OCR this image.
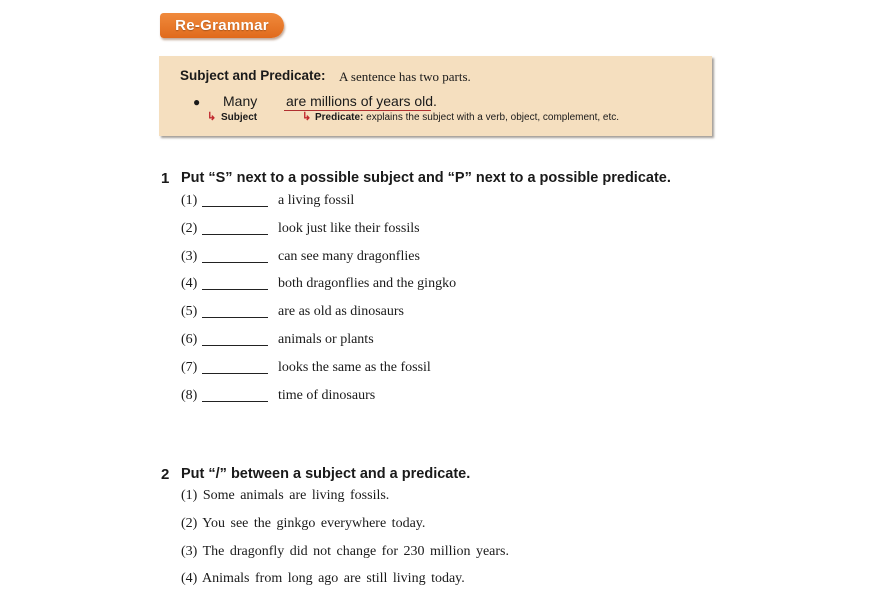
Re-Grammar
Subject and Predicate: A sentence has two parts.
● Many are millions of years old .
↳ Subject	↳ Predicate: explains the subject with a verb, object, complement, etc.
1 Put “S” next to a possible subject and “P” next to a possible predicate.
(1)	a living fossil
(2)	look just like their fossils
(3)	can see many dragonflies
(4)	both dragonflies and the gingko
(5)	are as old as dinosaurs
(6)	animals or plants
(7)	looks the same as the fossil
(8)	time of dinosaurs
2 Put “/” between a subject and a predicate.
(1) Some animals are living fossils.
(2) You see the ginkgo everywhere today.
(3) The dragonfly did not change for 230 million years.
(4) Animals from long ago are still living today.
